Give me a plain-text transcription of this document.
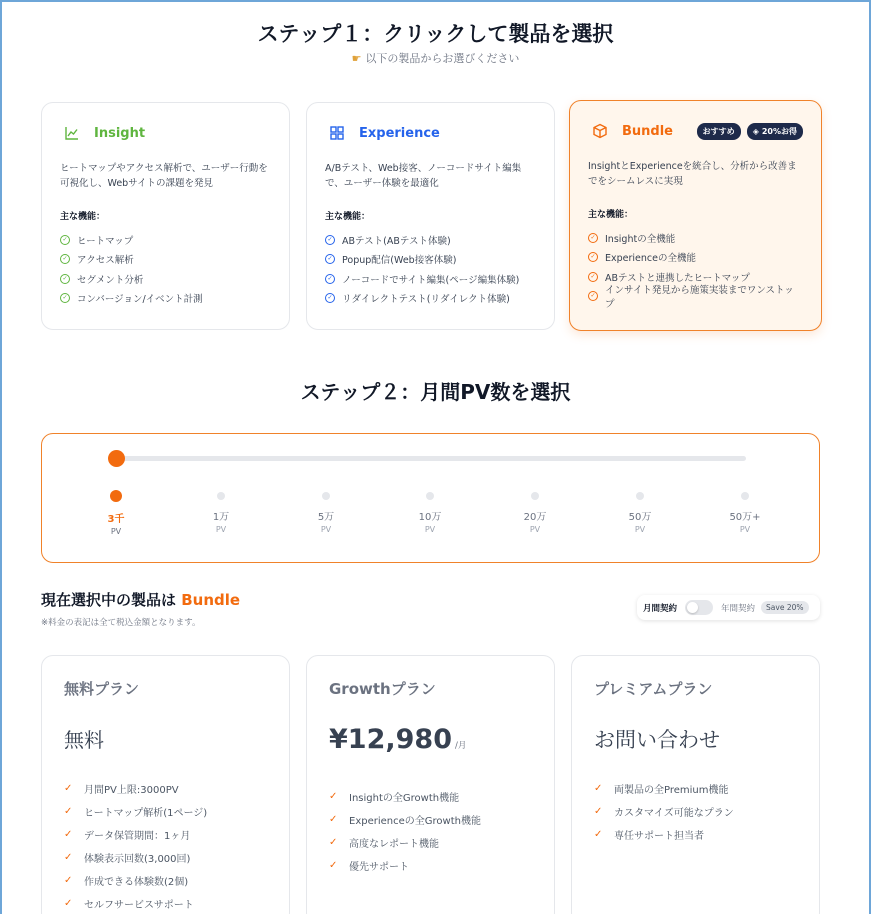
ステップ１：クリックして製品を選択
☛ 以下の製品からお選びください
Insight
ヒートマップやアクセス解析で、ユーザー行動を可視化し、Webサイトの課題を発見
主な機能：
✓ ヒートマップ
✓ アクセス解析
✓ セグメント分析
✓ コンバージョン/イベント計測
Experience
A/Bテスト、Web接客、ノーコードサイト編集で、ユーザー体験を最適化
主な機能：
✓ ABテスト(ABテスト体験)
✓ Popup配信(Web接客体験)
✓ ノーコードでサイト編集(ページ編集体験)
✓ リダイレクトテスト(リダイレクト体験)
Bundle	おすすめ ◈ 20%お得
InsightとExperienceを統合し、分析から改善までをシームレスに実現
主な機能：
✓ Insightの全機能
✓ Experienceの全機能
✓ ABテストと連携したヒートマップ
✓ インサイト発見から施策実装までワンストップ
ステップ２：月間PV数を選択
3千
PV
1万
PV
5万
PV
10万
PV
20万
PV
50万
PV
50万+
PV
現在選択中の製品は Bundle
※料金の表記は全て税込金額となります。
月間契約	年間契約	Save 20%
無料プラン
無料
✓ 月間PV上限:3000PV
✓ ヒートマップ解析(1ページ)
✓ データ保管期間：1ヶ月
✓ 体験表示回数(3,000回)
✓ 作成できる体験数(2個)
✓ セルフサービスサポート
Growthプラン
¥12,980 /月
✓ Insightの全Growth機能
✓ Experienceの全Growth機能
✓ 高度なレポート機能
✓ 優先サポート
プレミアムプラン
お問い合わせ
✓ 両製品の全Premium機能
✓ カスタマイズ可能なプラン
✓ 専任サポート担当者
